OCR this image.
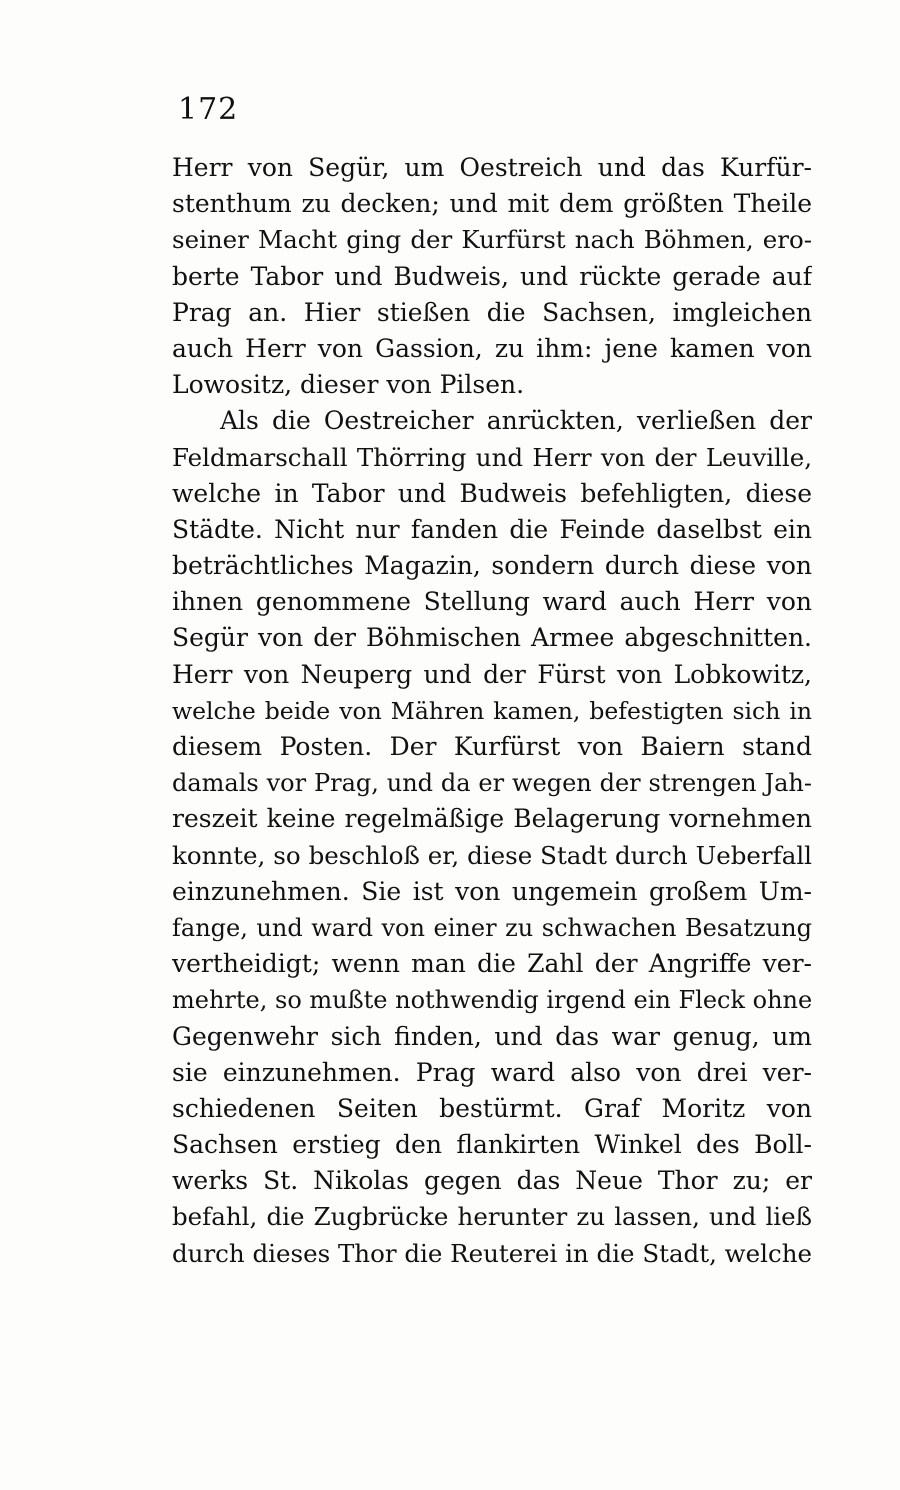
172
Herr von Segür, um Oestreich und das Kurfür-
stenthum zu decken; und mit dem größten Theile
seiner Macht ging der Kurfürst nach Böhmen, ero-
berte Tabor und Budweis, und rückte gerade auf
Prag an. Hier stießen die Sachsen, imgleichen
auch Herr von Gassion, zu ihm: jene kamen von
Lowositz, dieser von Pilsen.
Als die Oestreicher anrückten, verließen der
Feldmarschall Thörring und Herr von der Leuville,
welche in Tabor und Budweis befehligten, diese
Städte. Nicht nur fanden die Feinde daselbst ein
beträchtliches Magazin, sondern durch diese von
ihnen genommene Stellung ward auch Herr von
Segür von der Böhmischen Armee abgeschnitten.
Herr von Neuperg und der Fürst von Lobkowitz,
welche beide von Mähren kamen, befestigten sich in
diesem Posten. Der Kurfürst von Baiern stand
damals vor Prag, und da er wegen der strengen Jah-
reszeit keine regelmäßige Belagerung vornehmen
konnte, so beschloß er, diese Stadt durch Ueberfall
einzunehmen. Sie ist von ungemein großem Um-
fange, und ward von einer zu schwachen Besatzung
vertheidigt; wenn man die Zahl der Angriffe ver-
mehrte, so mußte nothwendig irgend ein Fleck ohne
Gegenwehr sich finden, und das war genug, um
sie einzunehmen. Prag ward also von drei ver-
schiedenen Seiten bestürmt. Graf Moritz von
Sachsen erstieg den flankirten Winkel des Boll-
werks St. Nikolas gegen das Neue Thor zu; er
befahl, die Zugbrücke herunter zu lassen, und ließ
durch dieses Thor die Reuterei in die Stadt, welche
